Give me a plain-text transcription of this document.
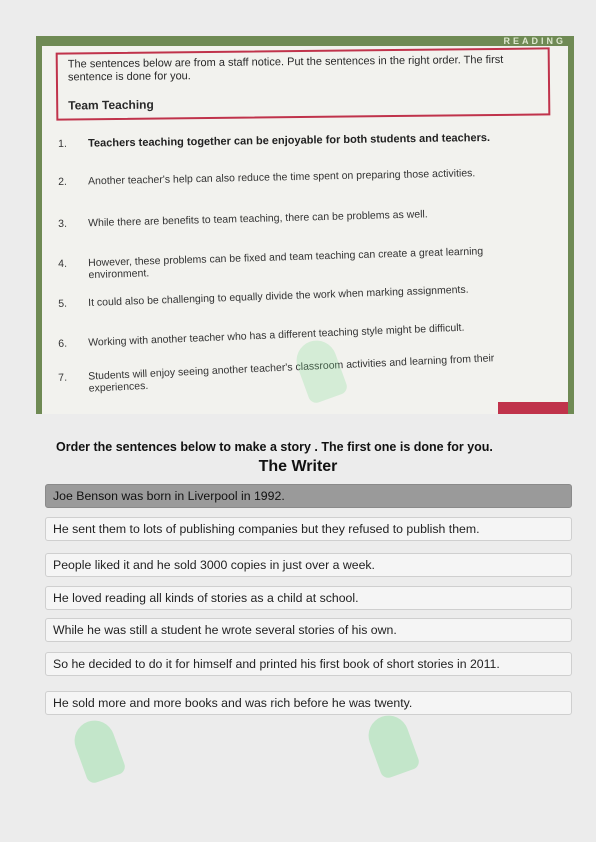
READING
The sentences below are from a staff notice. Put the sentences in the right order. The first sentence is done for you.
Team Teaching
1. Teachers teaching together can be enjoyable for both students and teachers.
2. Another teacher's help can also reduce the time spent on preparing those activities.
3. While there are benefits to team teaching, there can be problems as well.
4. However, these problems can be fixed and team teaching can create a great learning environment.
5. It could also be challenging to equally divide the work when marking assignments.
6. Working with another teacher who has a different teaching style might be difficult.
7. Students will enjoy seeing another teacher's classroom activities and learning from their experiences.
Order the sentences below to make a story . The first one is done for you.
The Writer
Joe Benson was born in Liverpool in 1992.
He sent them to lots of publishing companies but they refused to publish them.
People liked it and he sold 3000 copies in just over a week.
He loved reading all kinds of stories as a child at school.
While he was still a student he wrote several stories of his own.
So he decided to do it for himself and printed his first book of short stories in 2011.
He sold more and more books and was rich before he was twenty.
